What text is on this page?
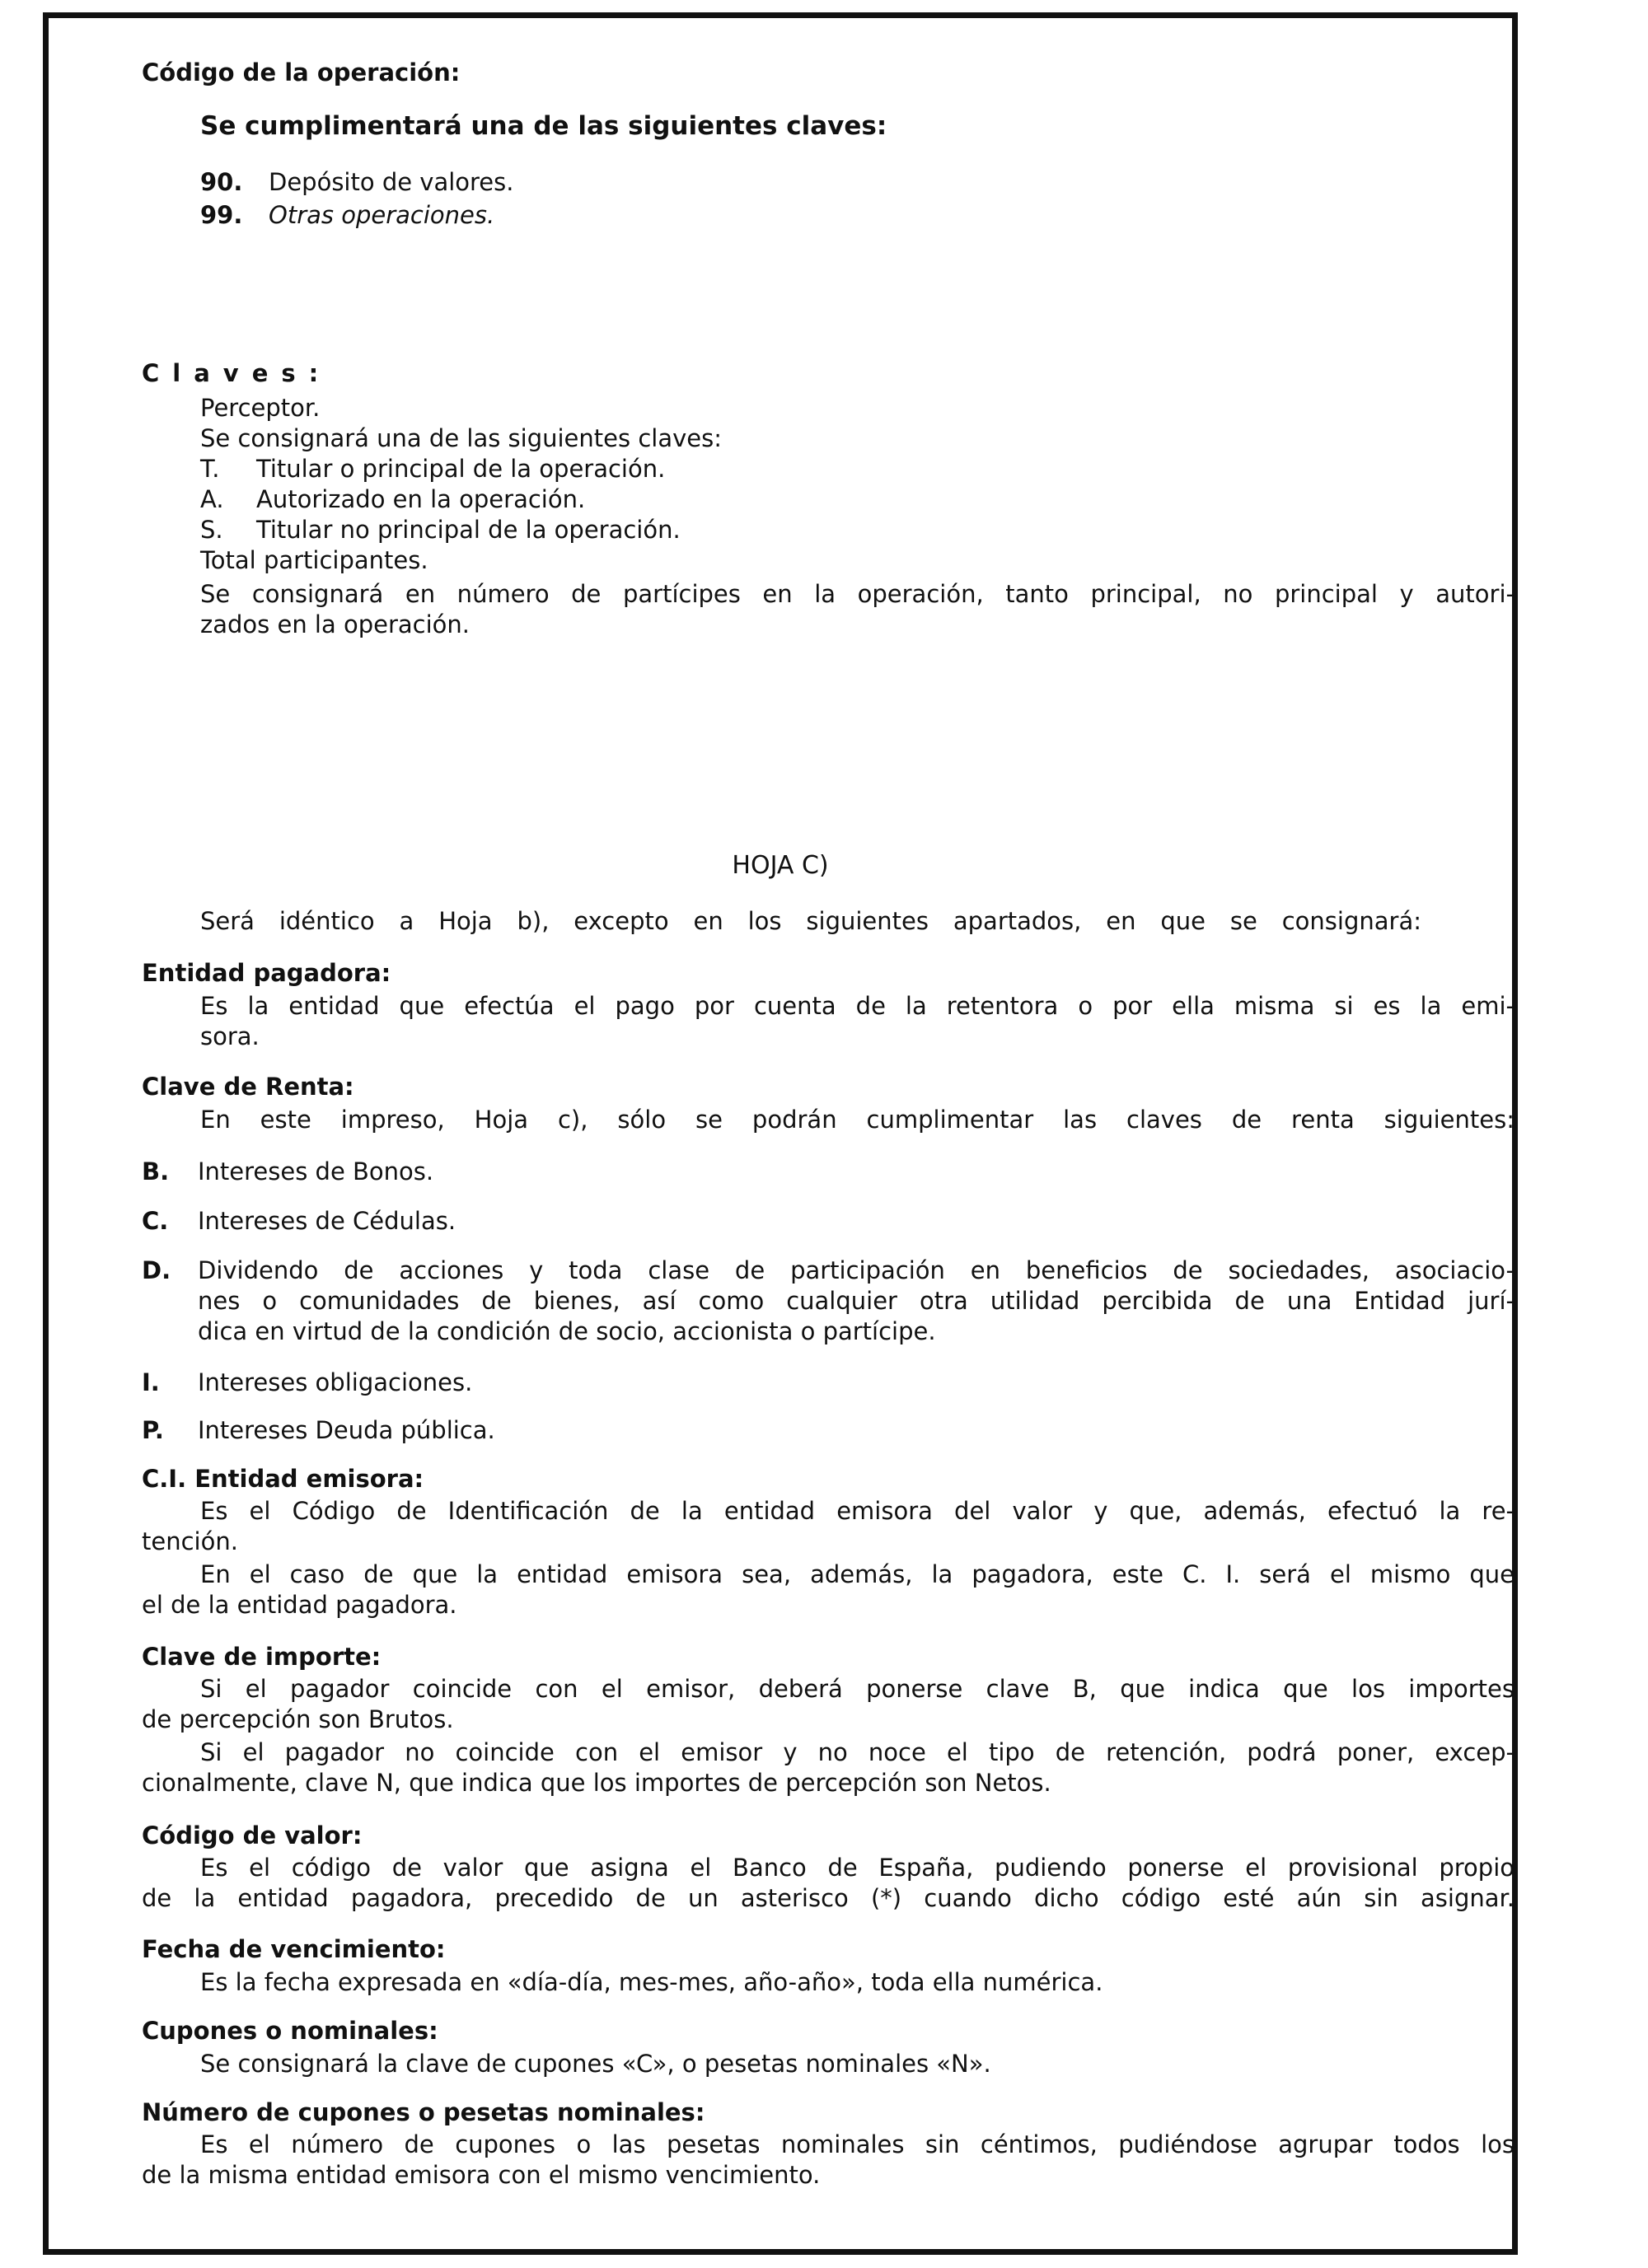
Código de la operación:

Se cumplimentará una de las siguientes claves:

90. Depósito de valores.
99. Otras operaciones.

Claves:

Perceptor.

Se consignará una de las siguientes claves:

T. Titular o principal de la operación.
A. Autorizado en la operación.
S. Titular no principal de la operación.

Total participantes.

Se consignará en número de partícipes en la operación, tanto principal, no principal y autori-

zados en la operación.

HOJA C)

Será idéntico a Hoja b), excepto en los siguientes apartados, en que se consignará:

Entidad pagadora:

Es la entidad que efectúa el pago por cuenta de la retentora o por ella misma si es la emi-

sora.

Clave de Renta:

En este impreso, Hoja c), sólo se podrán cumplimentar las claves de renta siguientes:

B. Intereses de Bonos.
C. Intereses de Cédulas.
D.	Dividendo de acciones y toda clase de participación en beneficios de sociedades, asociacio-

nes o comunidades de bienes, así como cualquier otra utilidad percibida de una Entidad jurí-

dica en virtud de la condición de socio, accionista o partícipe.

I. Intereses obligaciones.
P. Intereses Deuda pública.

C.I. Entidad emisora:

Es el Código de Identificación de la entidad emisora del valor y que, además, efectuó la re-

tención.

En el caso de que la entidad emisora sea, además, la pagadora, este C. I. será el mismo que

el de la entidad pagadora.

Clave de importe:

Si el pagador coincide con el emisor, deberá ponerse clave B, que indica que los importes

de percepción son Brutos.

Si el pagador no coincide con el emisor y no noce el tipo de retención, podrá poner, excep-

cionalmente, clave N, que indica que los importes de percepción son Netos.

Código de valor:

Es el código de valor que asigna el Banco de España, pudiendo ponerse el provisional propio

de la entidad pagadora, precedido de un asterisco (*) cuando dicho código esté aún sin asignar.

Fecha de vencimiento:

Es la fecha expresada en «día-día, mes-mes, año-año», toda ella numérica.

Cupones o nominales:

Se consignará la clave de cupones «C», o pesetas nominales «N».

Número de cupones o pesetas nominales:

Es el número de cupones o las pesetas nominales sin céntimos, pudiéndose agrupar todos los

de la misma entidad emisora con el mismo vencimiento.
